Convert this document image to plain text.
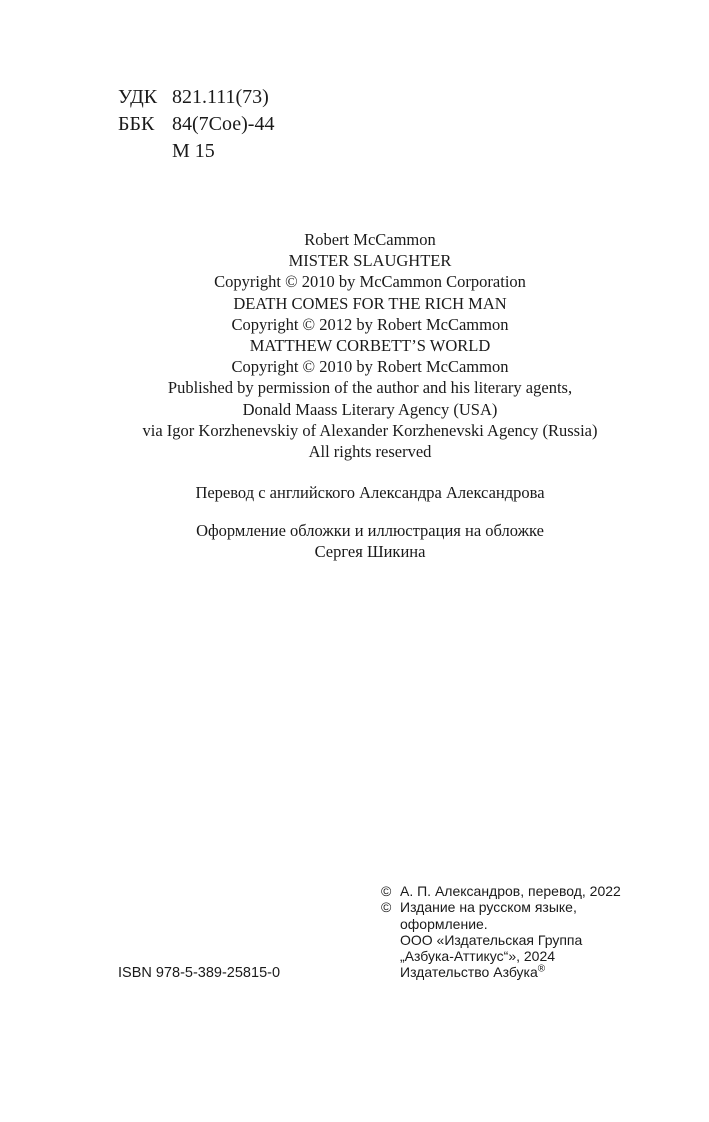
УДК 821.111(73)
ББК 84(7Сое)-44
М 15
Robert McCammon
MISTER SLAUGHTER
Copyright © 2010 by McCammon Corporation
DEATH COMES FOR THE RICH MAN
Copyright © 2012 by Robert McCammon
MATTHEW CORBETT’S WORLD
Copyright © 2010 by Robert McCammon
Published by permission of the author and his literary agents,
Donald Maass Literary Agency (USA)
via Igor Korzhenevskiy of Alexander Korzhenevski Agency (Russia)
All rights reserved
Перевод с английского Александра Александрова
Оформление обложки и иллюстрация на обложке
Сергея Шикина
ISBN 978-5-389-25815-0
© А. П. Александров, перевод, 2022
© Издание на русском языке,
оформление.
ООО «Издательская Группа
„Азбука-Аттикус“», 2024
Издательство Азбука®
